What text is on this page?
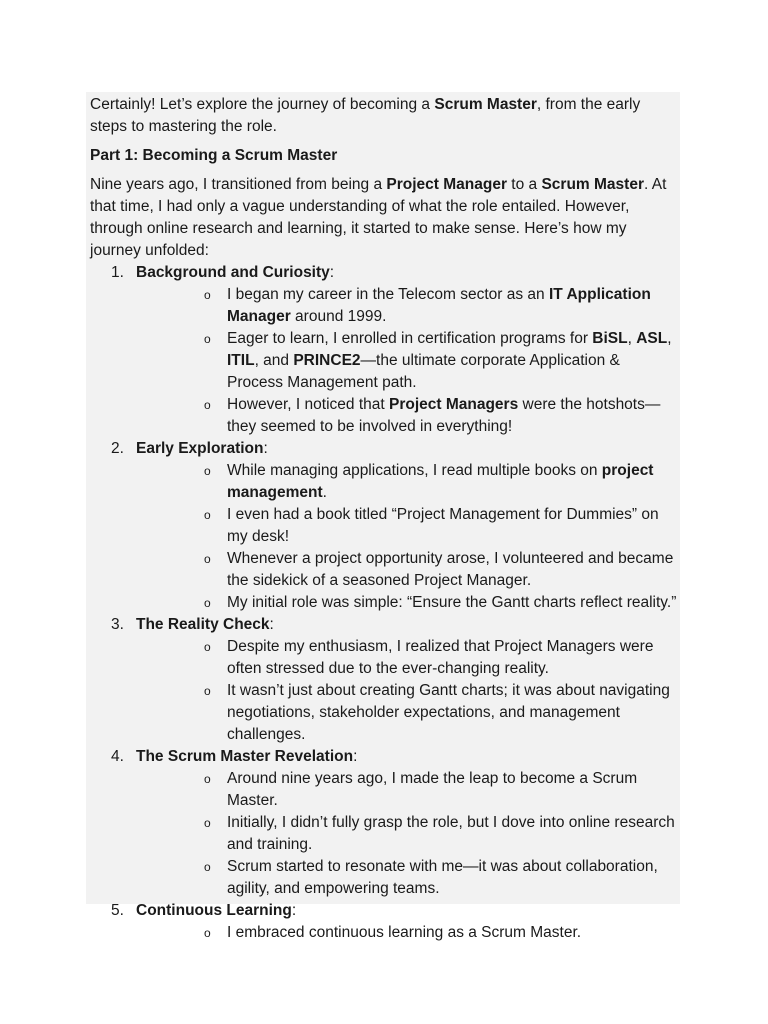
Certainly! Let’s explore the journey of becoming a Scrum Master, from the early steps to mastering the role.

Part 1: Becoming a Scrum Master

Nine years ago, I transitioned from being a Project Manager to a Scrum Master. At that time, I had only a vague understanding of what the role entailed. However, through online research and learning, it started to make sense. Here’s how my journey unfolded:

1. Background and Curiosity:
o I began my career in the Telecom sector as an IT Application Manager around 1999.
o Eager to learn, I enrolled in certification programs for BiSL, ASL, ITIL, and PRINCE2—the ultimate corporate Application & Process Management path.
o However, I noticed that Project Managers were the hotshots—they seemed to be involved in everything!
2. Early Exploration:
o While managing applications, I read multiple books on project management.
o I even had a book titled “Project Management for Dummies” on my desk!
o Whenever a project opportunity arose, I volunteered and became the sidekick of a seasoned Project Manager.
o My initial role was simple: “Ensure the Gantt charts reflect reality.”
3. The Reality Check:
o Despite my enthusiasm, I realized that Project Managers were often stressed due to the ever-changing reality.
o It wasn’t just about creating Gantt charts; it was about navigating negotiations, stakeholder expectations, and management challenges.
4. The Scrum Master Revelation:
o Around nine years ago, I made the leap to become a Scrum Master.
o Initially, I didn’t fully grasp the role, but I dove into online research and training.
o Scrum started to resonate with me—it was about collaboration, agility, and empowering teams.
5. Continuous Learning:
o I embraced continuous learning as a Scrum Master.
